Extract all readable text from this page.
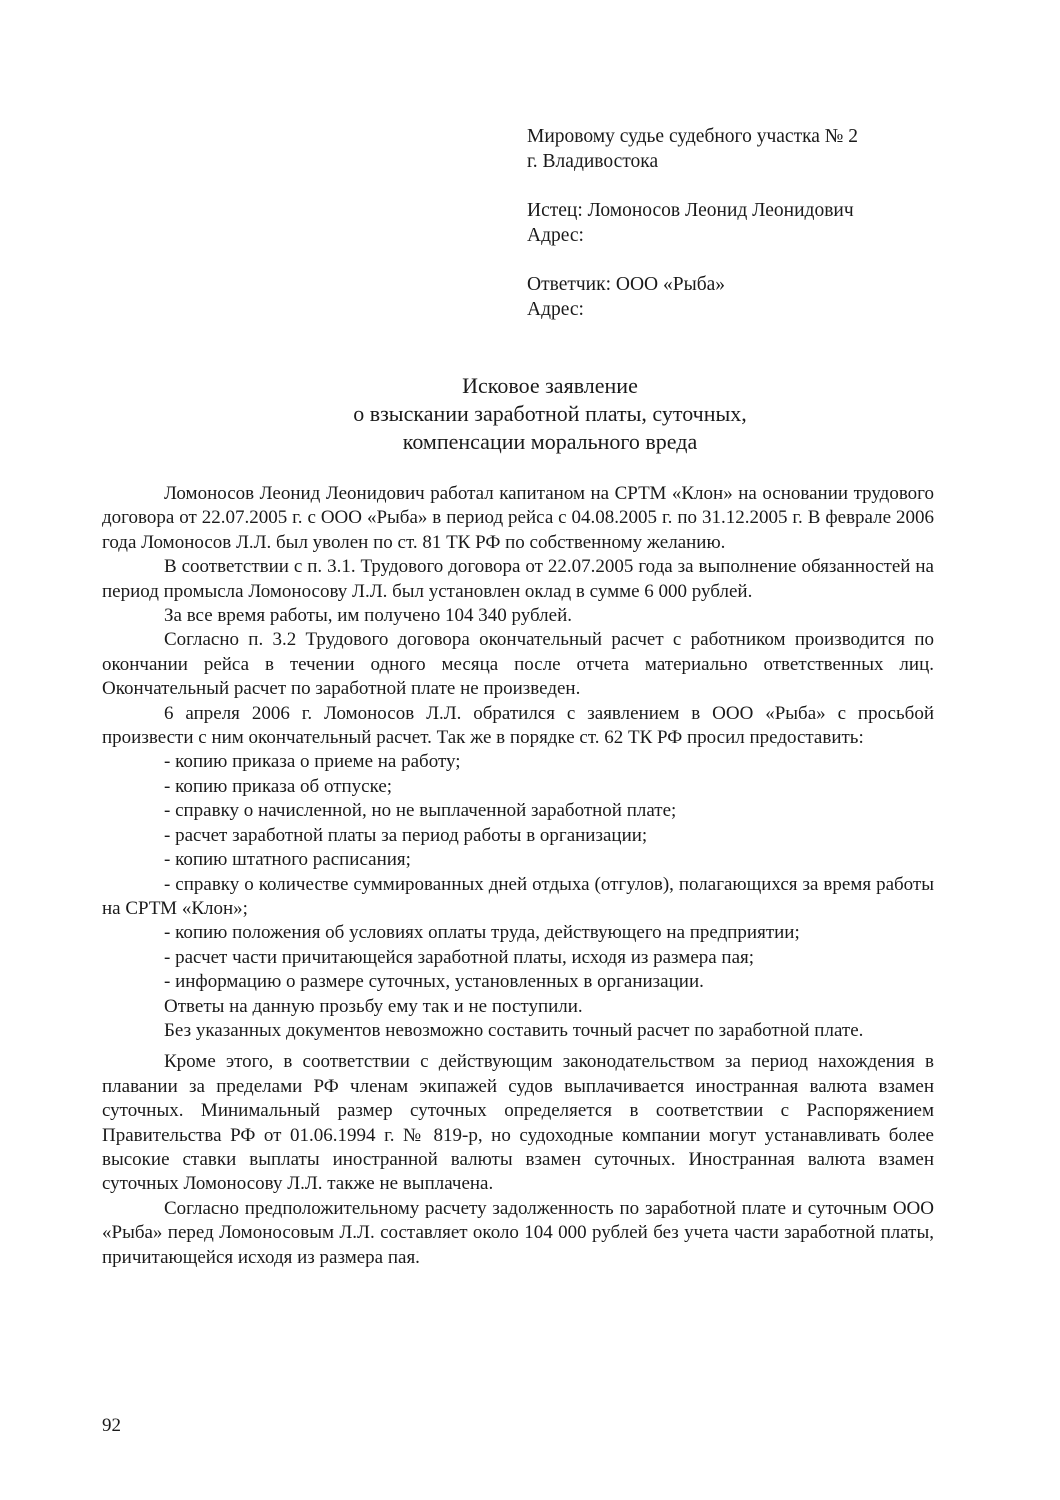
Мировому судье судебного участка № 2
г. Владивостока
Истец: Ломоносов Леонид Леонидович
Адрес:
Ответчик: ООО «Рыба»
Адрес:
Исковое заявление
о взыскании заработной платы, суточных,
компенсации морального вреда

Ломоносов Леонид Леонидович работал капитаном на СРТМ «Клон» на основании трудового договора от 22.07.2005 г. с ООО «Рыба» в период рейса с 04.08.2005 г. по 31.12.2005 г. В феврале 2006 года Ломоносов Л.Л. был уволен по ст. 81 ТК РФ по собственному желанию.

В соответствии с п. 3.1. Трудового договора от 22.07.2005 года за выполнение обязанностей на период промысла Ломоносову Л.Л. был установлен оклад в сумме 6 000 рублей.

За все время работы, им получено 104 340 рублей.

Согласно п. 3.2 Трудового договора окончательный расчет с работником производится по окончании рейса в течении одного месяца после отчета материально ответственных лиц. Окончательный расчет по заработной плате не произведен.

6 апреля 2006 г. Ломоносов Л.Л. обратился с заявлением в ООО «Рыба» с просьбой произвести с ним окончательный расчет. Так же в порядке ст. 62 ТК РФ просил предоставить:

- копию приказа о приеме на работу;

- копию приказа об отпуске;

- справку о начисленной, но не выплаченной заработной плате;

- расчет заработной платы за период работы в организации;

- копию штатного расписания;

- справку о количестве суммированных дней отдыха (отгулов), полагающихся за время работы на СРТМ «Клон»;

- копию положения об условиях оплаты труда, действующего на предприятии;

- расчет части причитающейся заработной платы, исходя из размера пая;

- информацию о размере суточных, установленных в организации.

Ответы на данную прозьбу ему так и не поступили.

Без указанных документов невозможно составить точный расчет по заработной плате.

Кроме этого, в соответствии с действующим законодательством за период нахождения в плавании за пределами РФ членам экипажей судов выплачивается иностранная валюта взамен суточных. Минимальный размер суточных определяется в соответствии с Распоряжением Правительства РФ от 01.06.1994 г. № 819-р, но судоходные компании могут устанавливать более высокие ставки выплаты иностранной валюты взамен суточных. Иностранная валюта взамен суточных Ломоносову Л.Л. также не выплачена.

Согласно предположительному расчету задолженность по заработной плате и суточным ООО «Рыба» перед Ломоносовым Л.Л. составляет около 104 000 рублей без учета части заработной платы, причитающейся исходя из размера пая.

92
